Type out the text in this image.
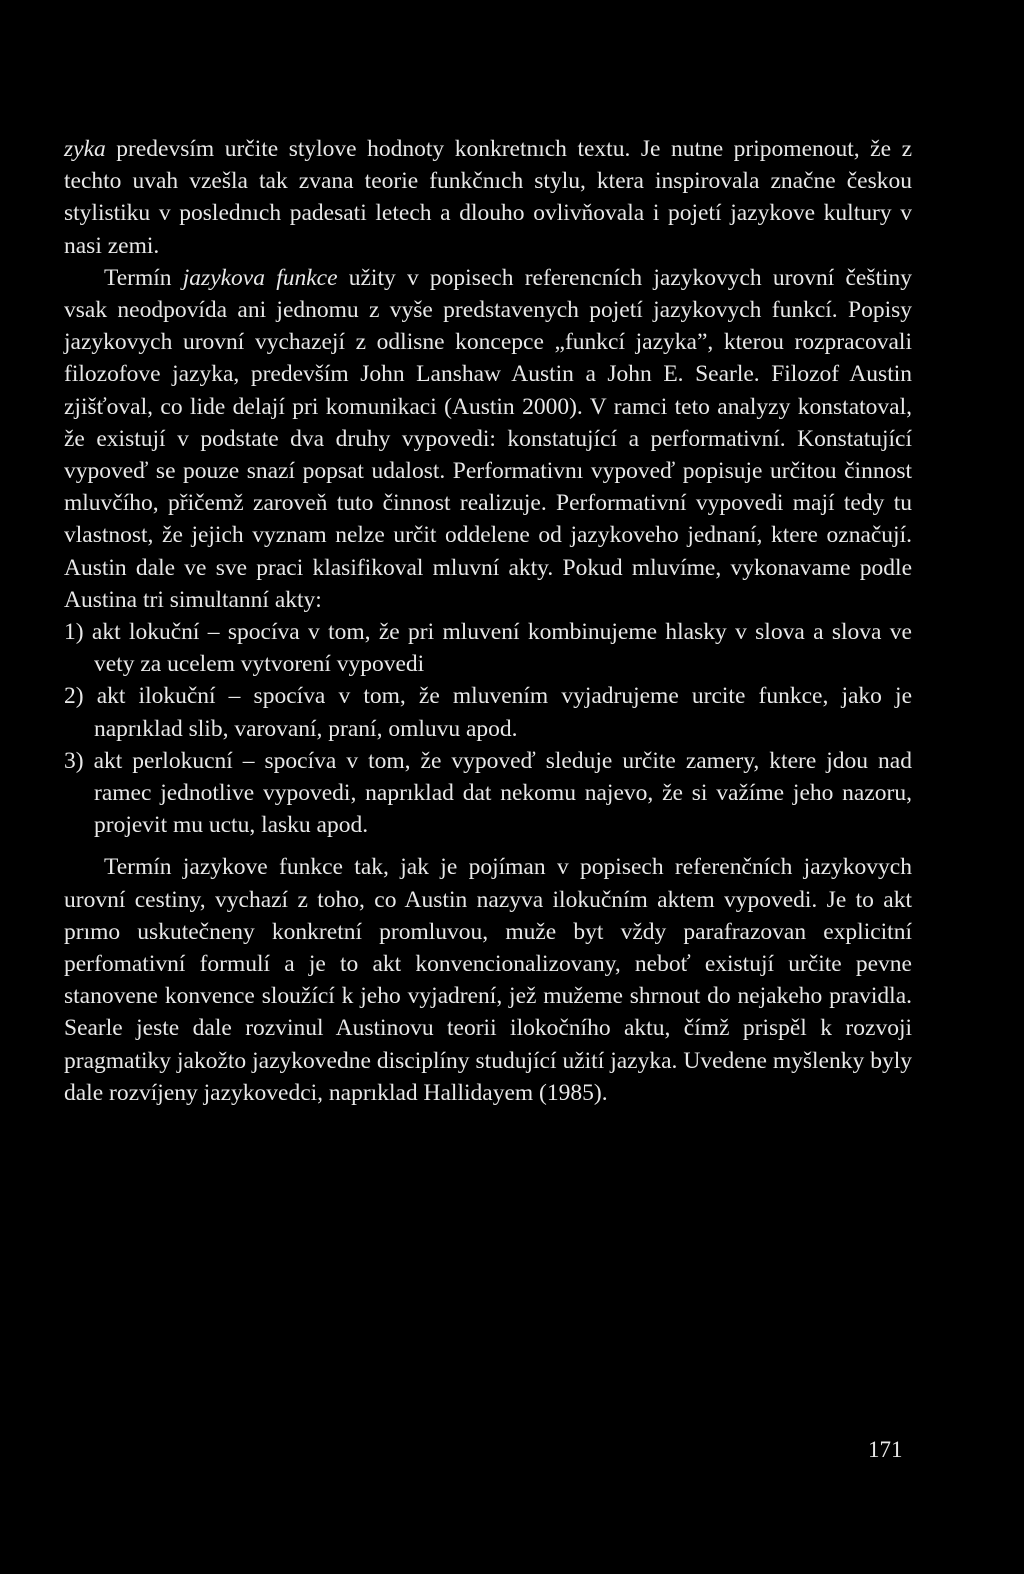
zyka predevsím určite stylove hodnoty konkretnıch textu. Je nutne pripomenout, že z techto uvah vzešla tak zvana teorie funkčnıch stylu, ktera inspirovala značne českou stylistiku v poslednıch padesati letech a dlouho ovlivňovala i pojetí jazykove kultury v nasi zemi.

Termín jazykova funkce užity v popisech referencních jazykovych urovní češtiny vsak neodpovída ani jednomu z vyše predstavenych pojetí jazykovych funkcí. Popisy jazykovych urovní vychazejí z odlisne koncepce „funkcí jazyka”, kterou rozpracovali filozofove jazyka, predevším John Lanshaw Austin a John E. Searle. Filozof Austin zjišťoval, co lide delají pri komunikaci (Austin 2000). V ramci teto analyzy konstatoval, že existují v podstate dva druhy vypovedi: konstatující a performativní. Konstatující vypoveď se pouze snazí popsat udalost. Performativnı vypoveď popisuje určitou činnost mluvčího, přičemž zaroveň tuto činnost realizuje. Performativní vypovedi mají tedy tu vlastnost, že jejich vyznam nelze určit oddelene od jazykoveho jednaní, ktere označují. Austin dale ve sve praci klasifikoval mluvní akty. Pokud mluvíme, vykonavame podle Austina tri simultanní akty:

1) akt lokuční – spocíva v tom, že pri mluvení kombinujeme hlasky v slova a slova ve vety za ucelem vytvorení vypovedi
2) akt ilokuční – spocíva v tom, že mluvením vyjadrujeme urcite funkce, jako je naprıklad slib, varovaní, praní, omluvu apod.
3) akt perlokucní – spocíva v tom, že vypoveď sleduje určite zamery, ktere jdou nad ramec jednotlive vypovedi, naprıklad dat nekomu najevo, že si važíme jeho nazoru, projevit mu uctu, lasku apod.

Termín jazykove funkce tak, jak je pojíman v popisech referenčních jazykovych urovní cestiny, vychazí z toho, co Austin nazyva ilokučním aktem vypovedi. Je to akt prımo uskutečneny konkretní promluvou, muže byt vždy parafrazovan explicitní perfomativní formulí a je to akt konvencionalizovany, neboť existují určite pevne stanovene konvence sloužící k jeho vyjadrení, jež mužeme shrnout do nejakeho pravidla. Searle jeste dale rozvinul Austinovu teorii ilokočního aktu, čímž prispěl k rozvoji pragmatiky jakožto jazykovedne disciplíny studující užití jazyka. Uvedene myšlenky byly dale rozvíjeny jazykovedci, naprıklad Hallidayem (1985).

171
